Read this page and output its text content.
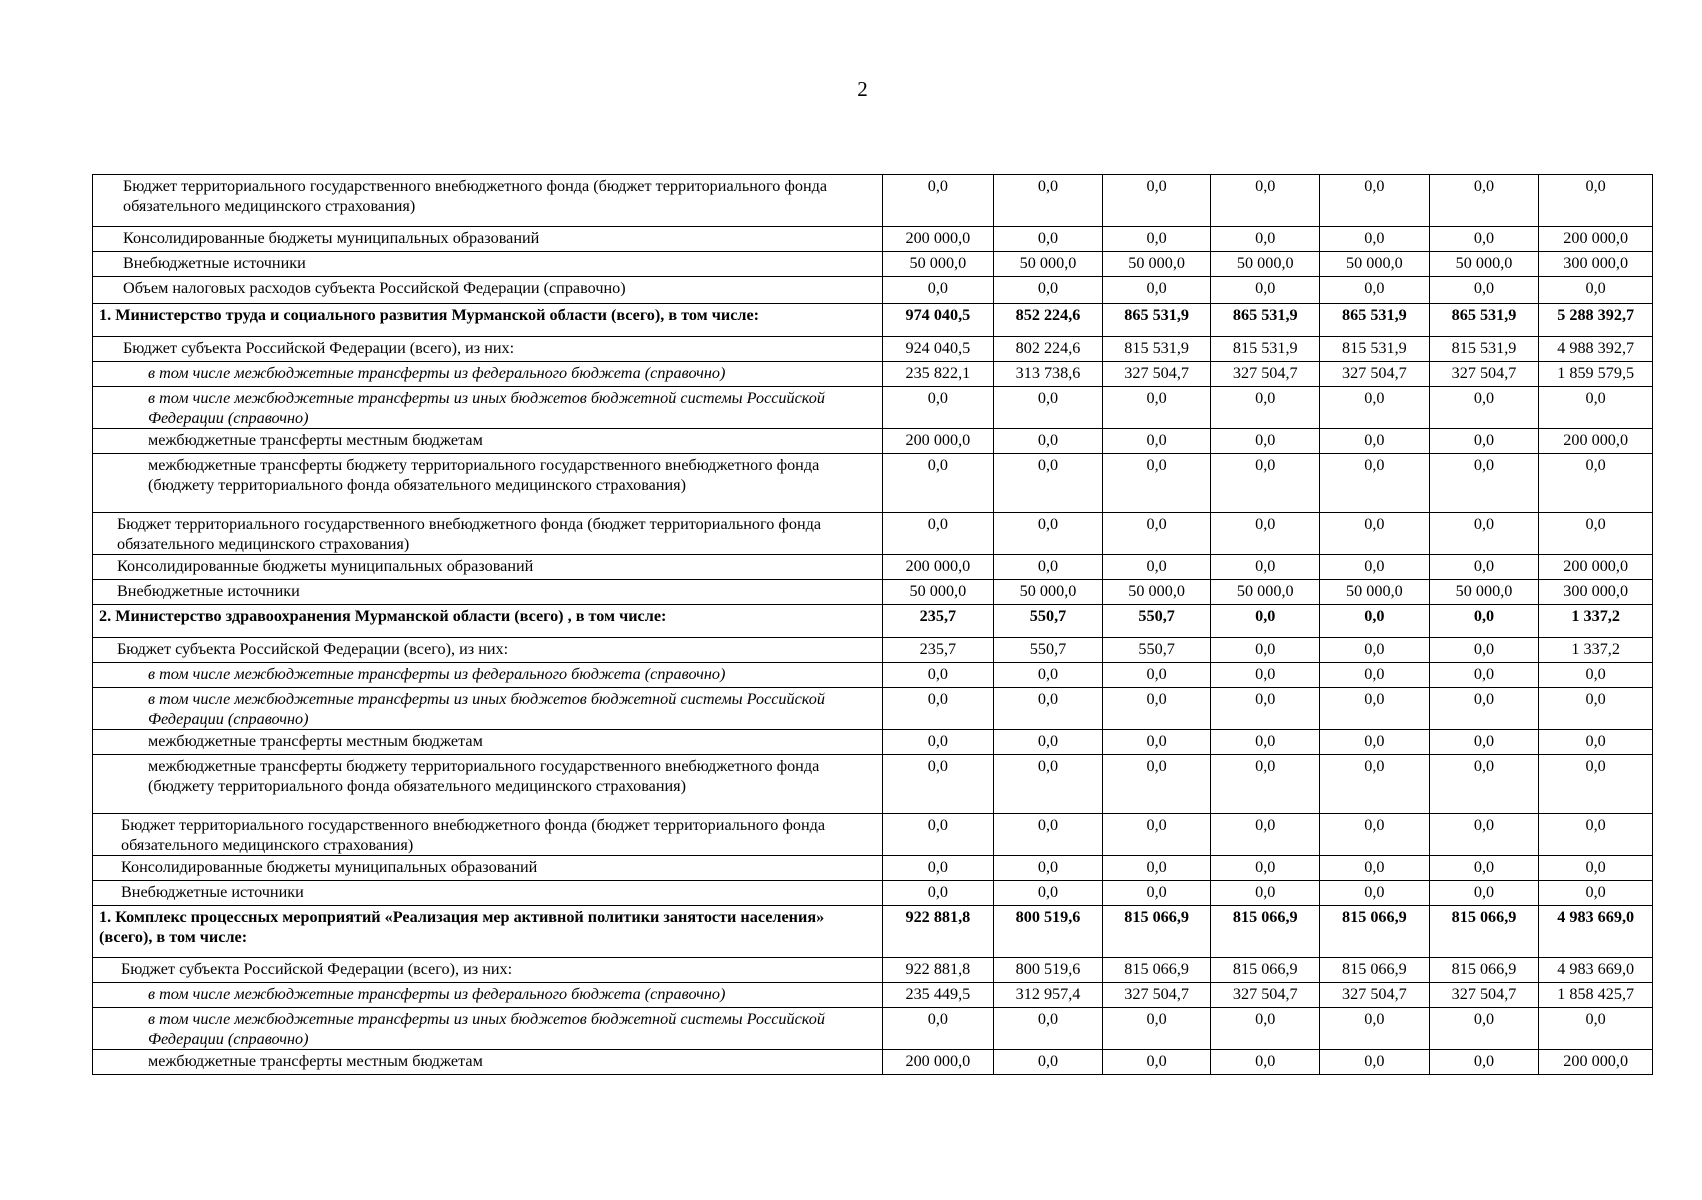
2
Бюджет территориального государственного внебюджетного фонда (бюджет территориального фонда обязательного медицинского страхования)	0,0	0,0	0,0	0,0	0,0	0,0	0,0
Консолидированные бюджеты муниципальных образований	200 000,0	0,0	0,0	0,0	0,0	0,0	200 000,0
Внебюджетные источники	50 000,0	50 000,0	50 000,0	50 000,0	50 000,0	50 000,0	300 000,0
Объем налоговых расходов субъекта Российской Федерации (справочно)	0,0	0,0	0,0	0,0	0,0	0,0	0,0
1. Министерство труда и социального развития Мурманской области (всего), в том числе:	974 040,5	852 224,6	865 531,9	865 531,9	865 531,9	865 531,9	5 288 392,7
Бюджет субъекта Российской Федерации (всего), из них:	924 040,5	802 224,6	815 531,9	815 531,9	815 531,9	815 531,9	4 988 392,7
в том числе межбюджетные трансферты из федерального бюджета (справочно)	235 822,1	313 738,6	327 504,7	327 504,7	327 504,7	327 504,7	1 859 579,5
в том числе межбюджетные трансферты из иных бюджетов бюджетной системы Российской Федерации (справочно)	0,0	0,0	0,0	0,0	0,0	0,0	0,0
межбюджетные трансферты местным бюджетам	200 000,0	0,0	0,0	0,0	0,0	0,0	200 000,0
межбюджетные трансферты бюджету территориального государственного внебюджетного фонда (бюджету территориального фонда обязательного медицинского страхования)	0,0	0,0	0,0	0,0	0,0	0,0	0,0
Бюджет территориального государственного внебюджетного фонда (бюджет территориального фонда обязательного медицинского страхования)	0,0	0,0	0,0	0,0	0,0	0,0	0,0
Консолидированные бюджеты муниципальных образований	200 000,0	0,0	0,0	0,0	0,0	0,0	200 000,0
Внебюджетные источники	50 000,0	50 000,0	50 000,0	50 000,0	50 000,0	50 000,0	300 000,0
2. Министерство здравоохранения Мурманской области (всего) , в том числе:	235,7	550,7	550,7	0,0	0,0	0,0	1 337,2
Бюджет субъекта Российской Федерации (всего), из них:	235,7	550,7	550,7	0,0	0,0	0,0	1 337,2
в том числе межбюджетные трансферты из федерального бюджета (справочно)	0,0	0,0	0,0	0,0	0,0	0,0	0,0
в том числе межбюджетные трансферты из иных бюджетов бюджетной системы Российской Федерации (справочно)	0,0	0,0	0,0	0,0	0,0	0,0	0,0
межбюджетные трансферты местным бюджетам	0,0	0,0	0,0	0,0	0,0	0,0	0,0
межбюджетные трансферты бюджету территориального государственного внебюджетного фонда (бюджету территориального фонда обязательного медицинского страхования)	0,0	0,0	0,0	0,0	0,0	0,0	0,0
Бюджет территориального государственного внебюджетного фонда (бюджет территориального фонда обязательного медицинского страхования)	0,0	0,0	0,0	0,0	0,0	0,0	0,0
Консолидированные бюджеты муниципальных образований	0,0	0,0	0,0	0,0	0,0	0,0	0,0
Внебюджетные источники	0,0	0,0	0,0	0,0	0,0	0,0	0,0
1. Комплекс процессных мероприятий «Реализация мер активной политики занятости населения» (всего), в том числе:	922 881,8	800 519,6	815 066,9	815 066,9	815 066,9	815 066,9	4 983 669,0
Бюджет субъекта Российской Федерации (всего), из них:	922 881,8	800 519,6	815 066,9	815 066,9	815 066,9	815 066,9	4 983 669,0
в том числе межбюджетные трансферты из федерального бюджета (справочно)	235 449,5	312 957,4	327 504,7	327 504,7	327 504,7	327 504,7	1 858 425,7
в том числе межбюджетные трансферты из иных бюджетов бюджетной системы Российской Федерации (справочно)	0,0	0,0	0,0	0,0	0,0	0,0	0,0
межбюджетные трансферты местным бюджетам	200 000,0	0,0	0,0	0,0	0,0	0,0	200 000,0
